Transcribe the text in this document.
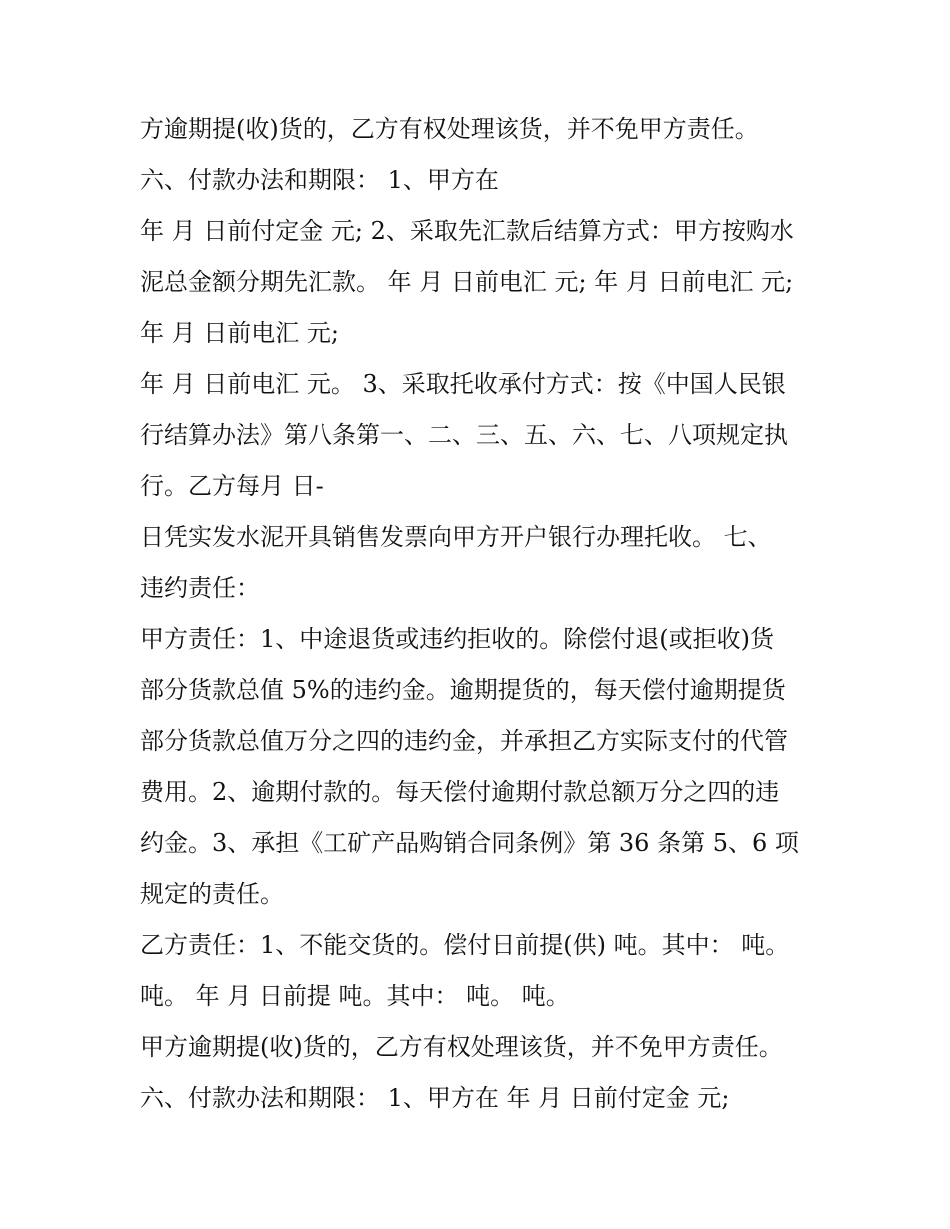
方逾期提(收)货的，乙方有权处理该货，并不免甲方责任。

六、付款办法和期限： 1、甲方在

年 月 日前付定金 元; 2、采取先汇款后结算方式：甲方按购水

泥总金额分期先汇款。 年 月 日前电汇 元; 年 月 日前电汇 元;

年 月 日前电汇 元;

年 月 日前电汇 元。 3、采取托收承付方式：按《中国人民银

行结算办法》第八条第一、二、三、五、六、七、八项规定执

行。乙方每月 日-

日凭实发水泥开具销售发票向甲方开户银行办理托收。 七、

违约责任：

甲方责任：1、中途退货或违约拒收的。除偿付退(或拒收)货

部分货款总值 5%的违约金。逾期提货的，每天偿付逾期提货

部分货款总值万分之四的违约金，并承担乙方实际支付的代管

费用。2、逾期付款的。每天偿付逾期付款总额万分之四的违

约金。3、承担《工矿产品购销合同条例》第 36 条第 5、6 项

规定的责任。

乙方责任：1、不能交货的。偿付日前提(供) 吨。其中： 吨。

吨。 年 月 日前提 吨。其中： 吨。 吨。

甲方逾期提(收)货的，乙方有权处理该货，并不免甲方责任。

六、付款办法和期限： 1、甲方在 年 月 日前付定金 元;
